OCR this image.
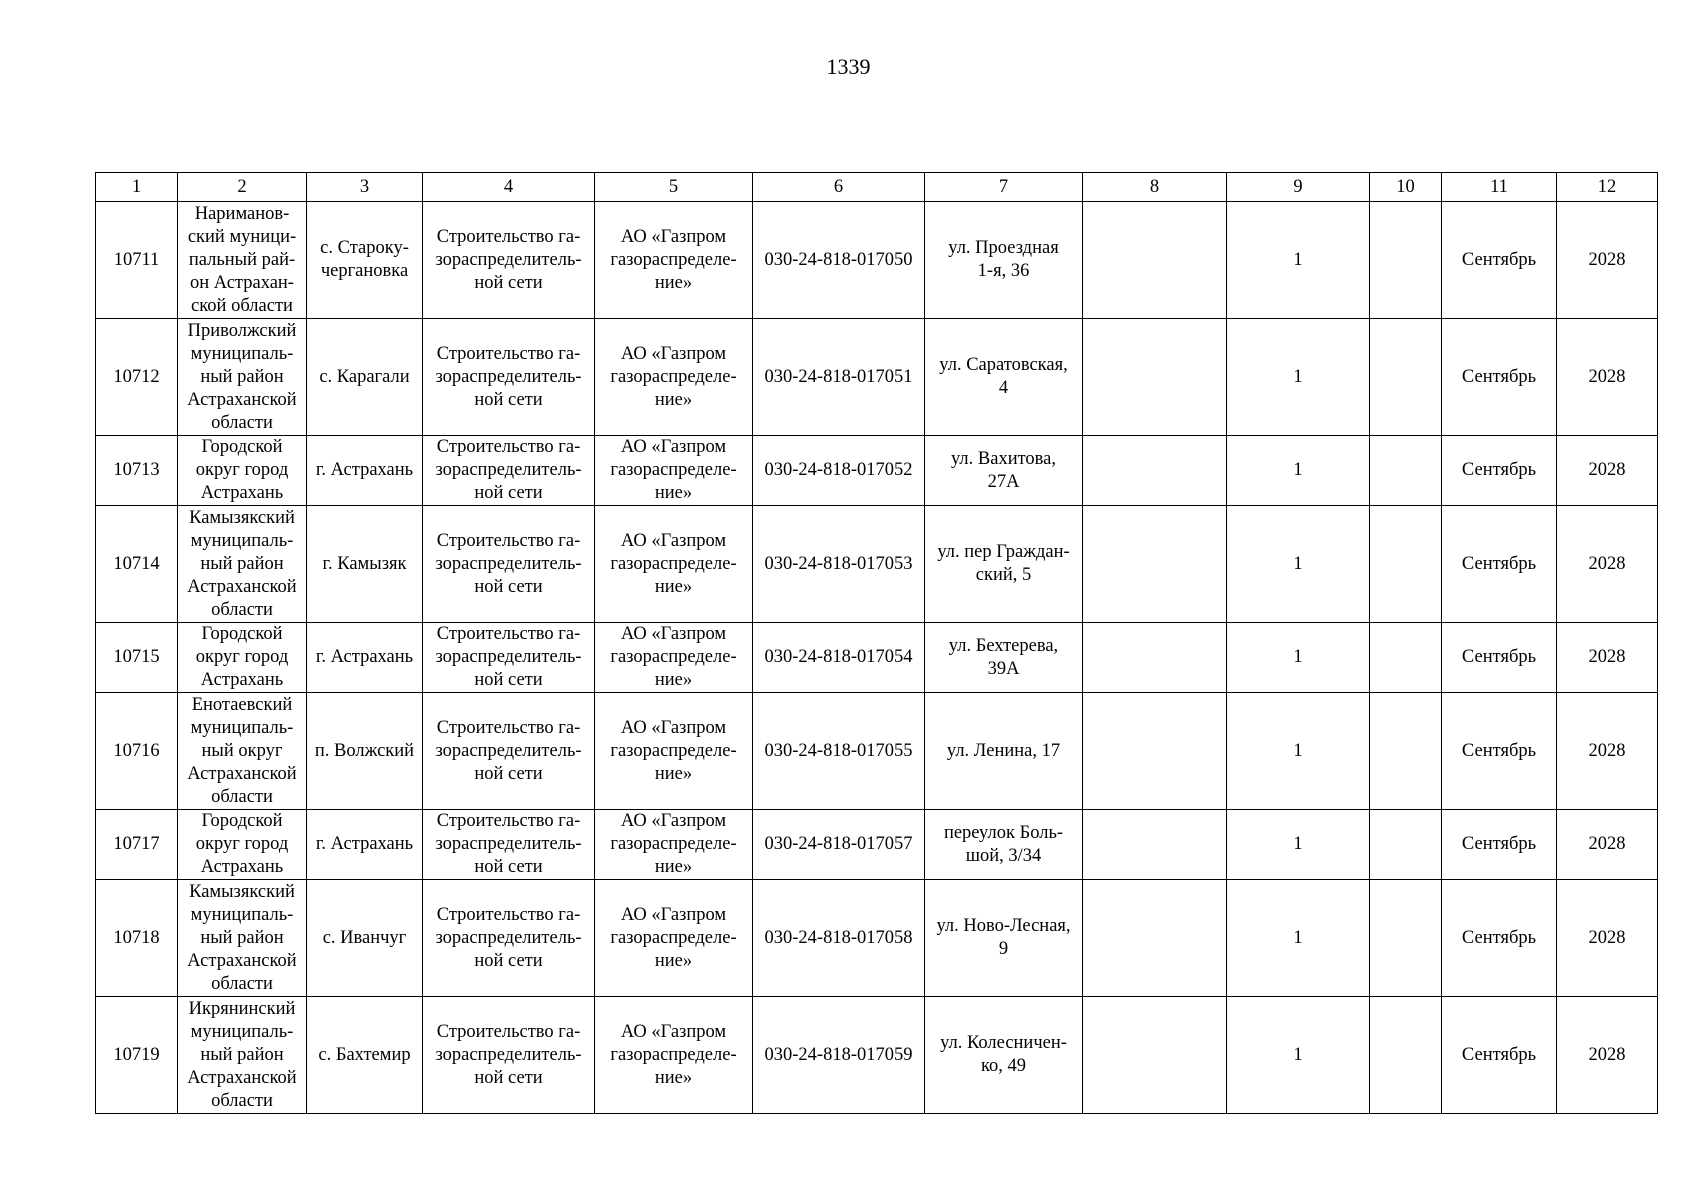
1339
1	2	3	4	5	6	7	8	9	10	11	12
10711	Нариманов-
ский муници-
пальный рай-
он Астрахан-
ской области	с. Староку-
чергановка	Строительство га-
зораспределитель-
ной сети	АО «Газпром
газораспределе-
ние»	030-24-818-017050	ул. Проездная
1-я, 36		1		Сентябрь	2028
10712	Приволжский
муниципаль-
ный район
Астраханской
области	с. Карагали	Строительство га-
зораспределитель-
ной сети	АО «Газпром
газораспределе-
ние»	030-24-818-017051	ул. Саратовская,
4		1		Сентябрь	2028
10713	Городской
округ город
Астрахань	г. Астрахань	Строительство га-
зораспределитель-
ной сети	АО «Газпром
газораспределе-
ние»	030-24-818-017052	ул. Вахитова,
27А		1		Сентябрь	2028
10714	Камызякский
муниципаль-
ный район
Астраханской
области	г. Камызяк	Строительство га-
зораспределитель-
ной сети	АО «Газпром
газораспределе-
ние»	030-24-818-017053	ул. пер Граждан-
ский, 5		1		Сентябрь	2028
10715	Городской
округ город
Астрахань	г. Астрахань	Строительство га-
зораспределитель-
ной сети	АО «Газпром
газораспределе-
ние»	030-24-818-017054	ул. Бехтерева,
39А		1		Сентябрь	2028
10716	Енотаевский
муниципаль-
ный округ
Астраханской
области	п. Волжский	Строительство га-
зораспределитель-
ной сети	АО «Газпром
газораспределе-
ние»	030-24-818-017055	ул. Ленина, 17		1		Сентябрь	2028
10717	Городской
округ город
Астрахань	г. Астрахань	Строительство га-
зораспределитель-
ной сети	АО «Газпром
газораспределе-
ние»	030-24-818-017057	переулок Боль-
шой, 3/34		1		Сентябрь	2028
10718	Камызякский
муниципаль-
ный район
Астраханской
области	с. Иванчуг	Строительство га-
зораспределитель-
ной сети	АО «Газпром
газораспределе-
ние»	030-24-818-017058	ул. Ново-Лесная,
9		1		Сентябрь	2028
10719	Икрянинский
муниципаль-
ный район
Астраханской
области	с. Бахтемир	Строительство га-
зораспределитель-
ной сети	АО «Газпром
газораспределе-
ние»	030-24-818-017059	ул. Колесничен-
ко, 49		1		Сентябрь	2028
